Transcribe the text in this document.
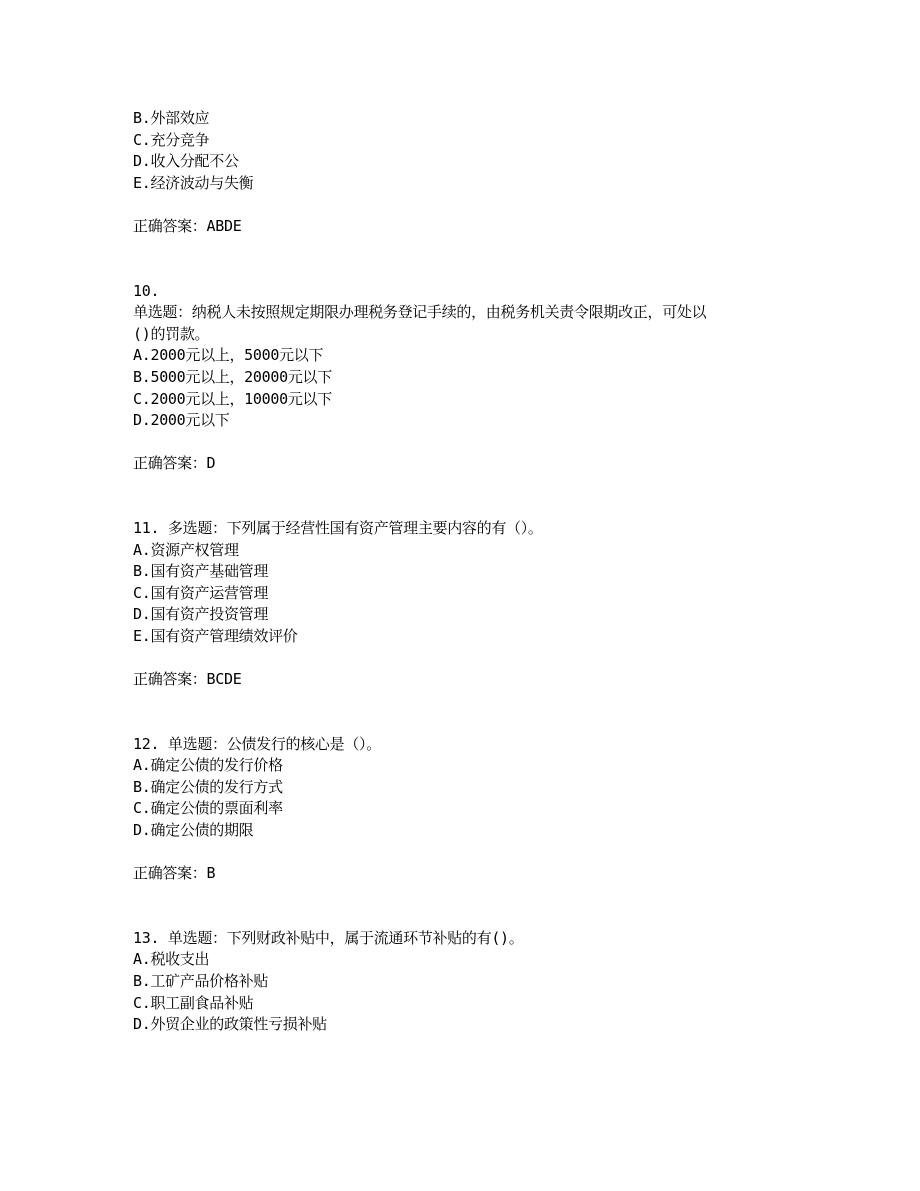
B.外部效应
C.充分竞争
D.收入分配不公
E.经济波动与失衡
正确答案：ABDE
10.
单选题：纳税人未按照规定期限办理税务登记手续的，由税务机关责令限期改正，可处以
()的罚款。
A.2000元以上，5000元以下
B.5000元以上，20000元以下
C.2000元以上，10000元以下
D.2000元以下
正确答案：D
11. 多选题：下列属于经营性国有资产管理主要内容的有（）。
A.资源产权管理
B.国有资产基础管理
C.国有资产运营管理
D.国有资产投资管理
E.国有资产管理绩效评价
正确答案：BCDE
12. 单选题：公债发行的核心是（）。
A.确定公债的发行价格
B.确定公债的发行方式
C.确定公债的票面利率
D.确定公债的期限
正确答案：B
13. 单选题：下列财政补贴中，属于流通环节补贴的有()。
A.税收支出
B.工矿产品价格补贴
C.职工副食品补贴
D.外贸企业的政策性亏损补贴
